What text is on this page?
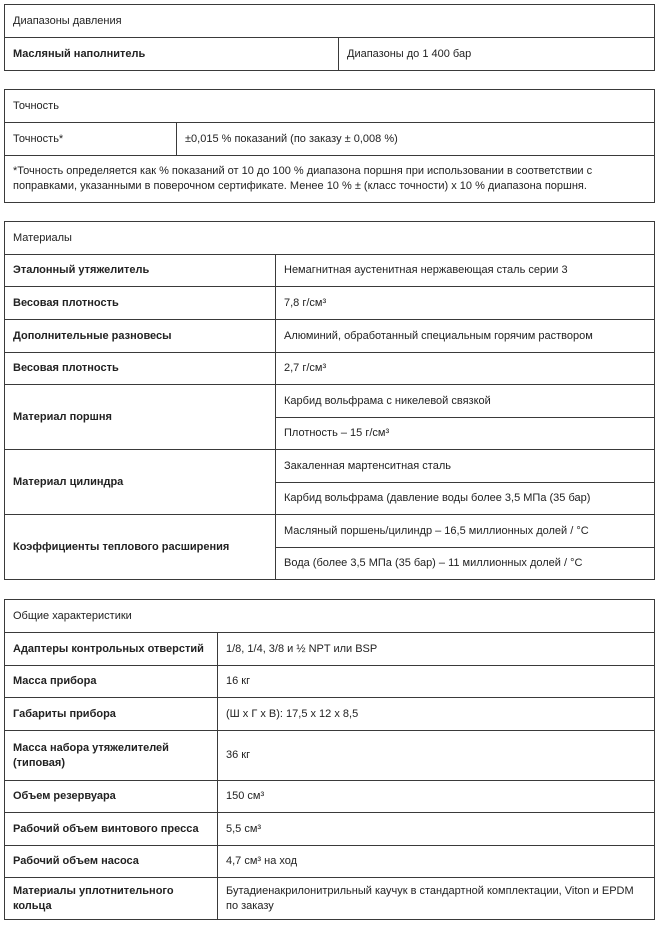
Диапазоны давления
Масляный наполнитель	Диапазоны до 1 400 бар
Точность
Точность*	±0,015 % показаний (по заказу ± 0,008 %)
*Точность определяется как % показаний от 10 до 100 % диапазона поршня при использовании в соответствии с поправками, указанными в поверочном сертификате. Менее 10 % ± (класс точности) x 10 % диапазона поршня.
Материалы	
Эталонный утяжелитель	Немагнитная аустенитная нержавеющая сталь серии 3
Весовая плотность	7,8 г/см³
Дополнительные разновесы	Алюминий, обработанный специальным горячим раствором
Весовая плотность	2,7 г/см³
Материал поршня	Карбид вольфрама с никелевой связкой
	Плотность – 15 г/см³
Материал цилиндра	Закаленная мартенситная сталь
	Карбид вольфрама (давление воды более 3,5 МПа (35 бар)
Коэффициенты теплового расширения	Масляный поршень/цилиндр – 16,5 миллионных долей / °C
	Вода (более 3,5 МПа (35 бар) – 11 миллионных долей / °C
Общие характеристики	
Адаптеры контрольных отверстий	1/8, 1/4, 3/8 и ½ NPT или BSP
Масса прибора	16 кг
Габариты прибора	(Ш x Г x В): 17,5 x 12 x 8,5
Масса набора утяжелителей (типовая)	36 кг
Объем резервуара	150 см³
Рабочий объем винтового пресса	5,5 см³
Рабочий объем насоса	4,7 см³ на ход
Материалы уплотнительного кольца	Бутадиенакрилонитрильный каучук в стандартной комплектации, Viton и EPDM по заказу
